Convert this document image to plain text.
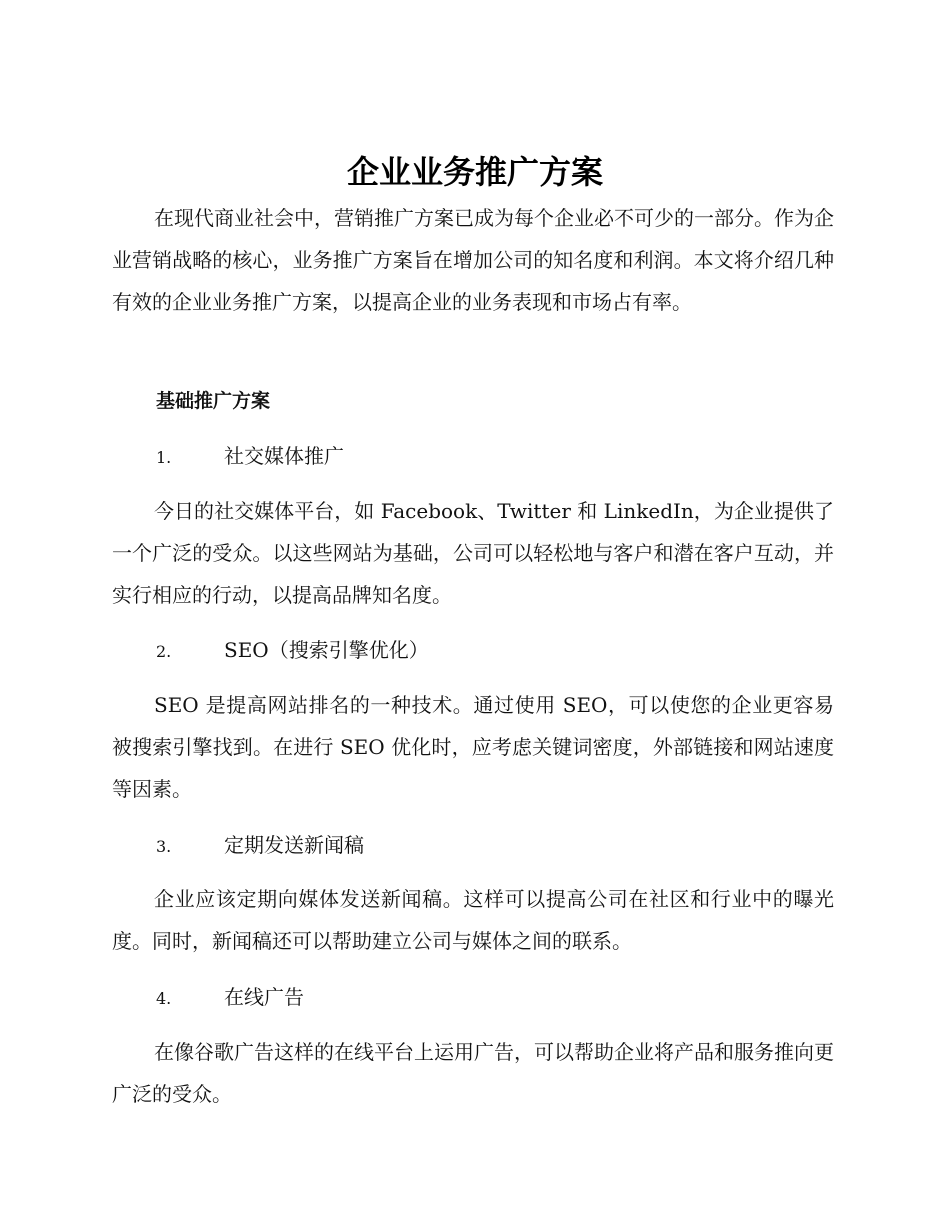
企业业务推广方案

在现代商业社会中，营销推广方案已成为每个企业必不可少的一部分。作为企业营销战略的核心，业务推广方案旨在增加公司的知名度和利润。本文将介绍几种有效的企业业务推广方案，以提高企业的业务表现和市场占有率。

基础推广方案
1.	社交媒体推广

今日的社交媒体平台，如 Facebook、Twitter 和 LinkedIn，为企业提供了一个广泛的受众。以这些网站为基础，公司可以轻松地与客户和潜在客户互动，并实行相应的行动，以提高品牌知名度。

2.	SEO（搜索引擎优化）

SEO 是提高网站排名的一种技术。通过使用 SEO，可以使您的企业更容易被搜索引擎找到。在进行 SEO 优化时，应考虑关键词密度，外部链接和网站速度等因素。

3.	定期发送新闻稿

企业应该定期向媒体发送新闻稿。这样可以提高公司在社区和行业中的曝光度。同时，新闻稿还可以帮助建立公司与媒体之间的联系。

4.	在线广告

在像谷歌广告这样的在线平台上运用广告，可以帮助企业将产品和服务推向更广泛的受众。
